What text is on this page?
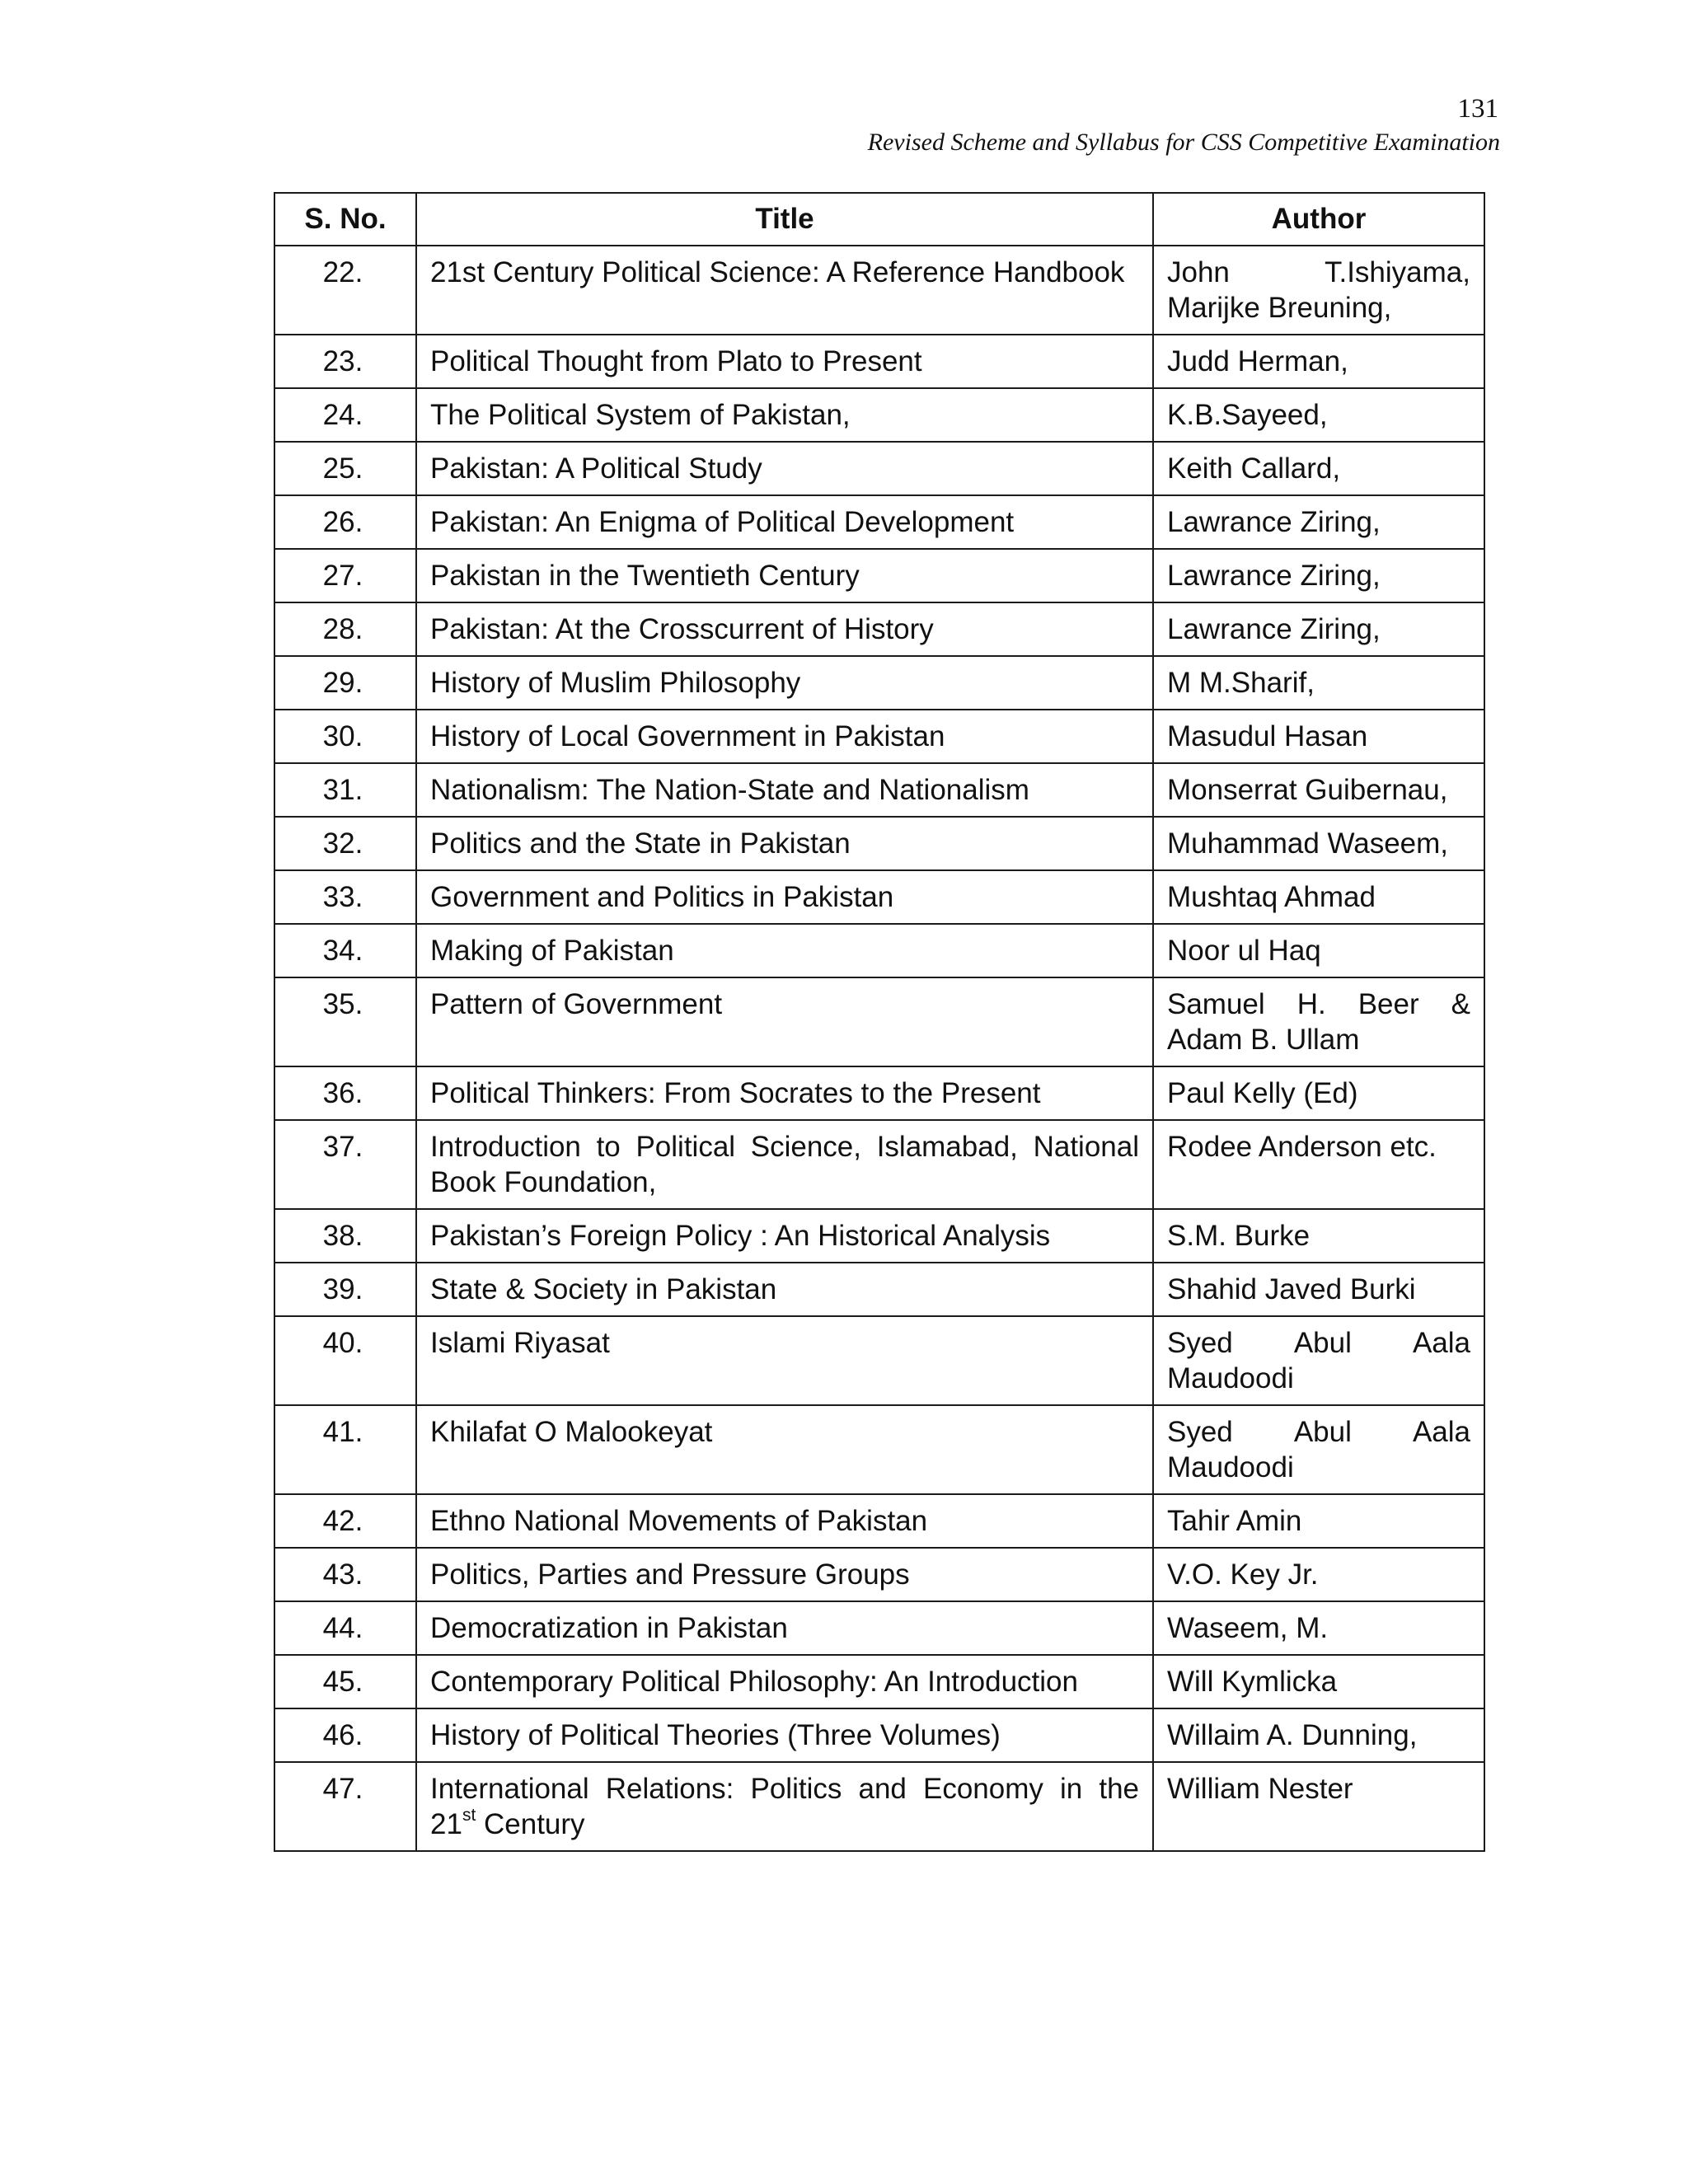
131
Revised Scheme and Syllabus for CSS Competitive Examination
S. No.	Title	Author
22.	21st Century Political Science: A Reference Handbook	John T.Ishiyama, Marijke Breuning,
23.	Political Thought from Plato to Present	Judd Herman,
24.	The Political System of Pakistan,	K.B.Sayeed,
25.	Pakistan: A Political Study	Keith Callard,
26.	Pakistan: An Enigma of Political Development	Lawrance Ziring,
27.	Pakistan in the Twentieth Century	Lawrance Ziring,
28.	Pakistan: At the Crosscurrent of History	Lawrance Ziring,
29.	History of Muslim Philosophy	M M.Sharif,
30.	History of Local Government in Pakistan	Masudul Hasan
31.	Nationalism: The Nation-State and Nationalism	Monserrat Guibernau,
32.	Politics and the State in Pakistan	Muhammad Waseem,
33.	Government and Politics in Pakistan	Mushtaq Ahmad
34.	Making of Pakistan	Noor ul Haq
35.	Pattern of Government	Samuel H. Beer & Adam B. Ullam
36.	Political Thinkers: From Socrates to the Present	Paul Kelly (Ed)
37.	Introduction to Political Science, Islamabad, National Book Foundation,	Rodee Anderson etc.
38.	Pakistan’s Foreign Policy : An Historical Analysis	S.M. Burke
39.	State & Society in Pakistan	Shahid Javed Burki
40.	Islami Riyasat	Syed Abul Aala Maudoodi
41.	Khilafat O Malookeyat	Syed Abul Aala Maudoodi
42.	Ethno National Movements of Pakistan	Tahir Amin
43.	Politics, Parties and Pressure Groups	V.O. Key Jr.
44.	Democratization in Pakistan	Waseem, M.
45.	Contemporary Political Philosophy: An Introduction	Will Kymlicka
46.	History of Political Theories (Three Volumes)	Willaim A. Dunning,
47.	International Relations: Politics and Economy in the 21st Century	William Nester
